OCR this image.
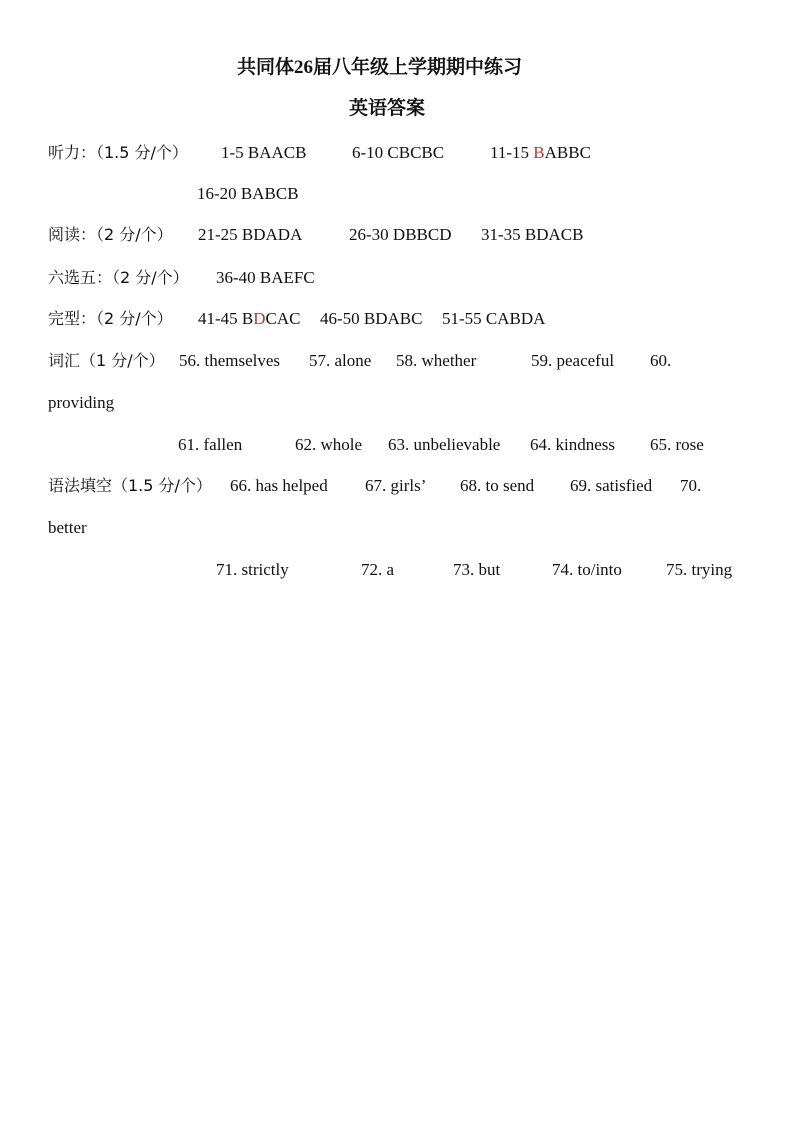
共同体26届八年级上学期期中练习
英语答案
听力：（1.5 分/个） 1-5 BAACB	6-10 CBCBC	11-15 BABBC
16-20 BABCB
阅读：（2 分/个） 21-25 BDADA	26-30 DBBCD 31-35 BDACB
六选五：（2 分/个） 36-40 BAEFC
完型：（2 分/个） 41-45 BDCAC 46-50 BDABC 51-55 CABDA
词汇（1 分/个） 56. themselves 57. alone 58. whether	59. peaceful 60.
providing
61. fallen	62. whole 63. unbelievable 64. kindness 65. rose
语法填空（1.5 分/个） 66. has helped 67. girls’ 68. to send 69. satisfied 70.
better
71. strictly	72. a	73. but	74. to/into	75. trying
